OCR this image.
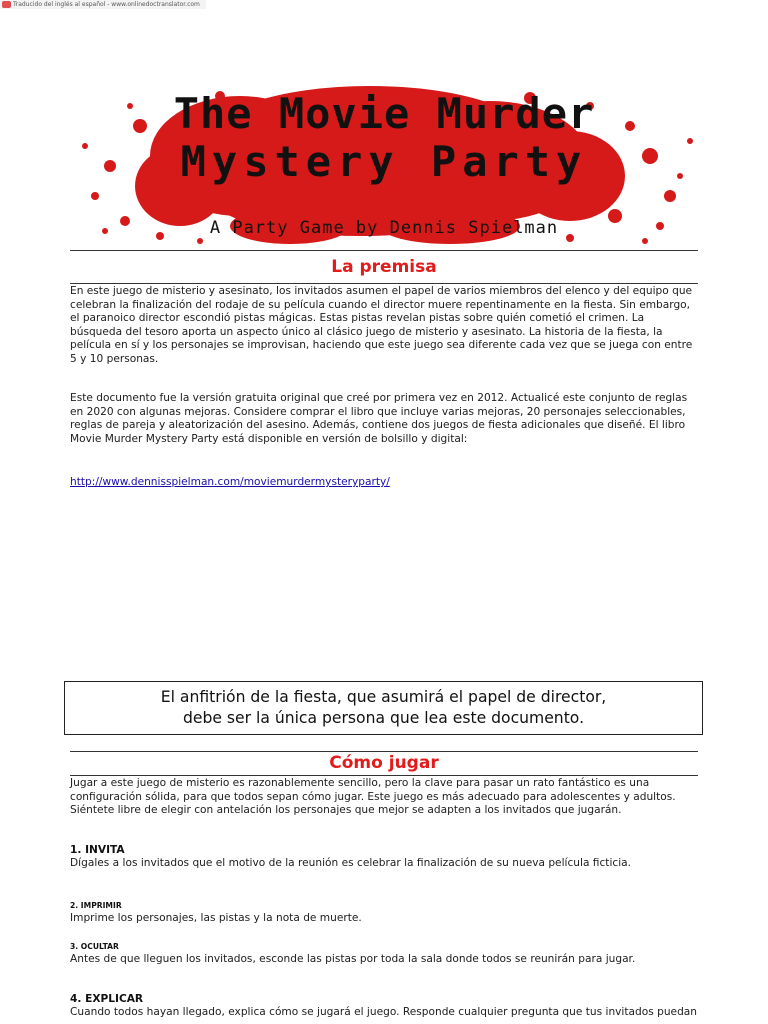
Traducido del inglés al español - www.onlinedoctranslator.com
The Movie Murder
Mystery Party
A Party Game by Dennis Spielman
La premisa
En este juego de misterio y asesinato, los invitados asumen el papel de varios miembros del elenco y del equipo que celebran la finalización del rodaje de su película cuando el director muere repentinamente en la fiesta. Sin embargo, el paranoico director escondió pistas mágicas. Estas pistas revelan pistas sobre quién cometió el crimen. La búsqueda del tesoro aporta un aspecto único al clásico juego de misterio y asesinato. La historia de la fiesta, la película en sí y los personajes se improvisan, haciendo que este juego sea diferente cada vez que se juega con entre 5 y 10 personas.
Este documento fue la versión gratuita original que creé por primera vez en 2012. Actualicé este conjunto de reglas en 2020 con algunas mejoras. Considere comprar el libro que incluye varias mejoras, 20 personajes seleccionables, reglas de pareja y aleatorización del asesino. Además, contiene dos juegos de fiesta adicionales que diseñé. El libro Movie Murder Mystery Party está disponible en versión de bolsillo y digital:
http://www.dennisspielman.com/moviemurdermysteryparty/
El anfitrión de la fiesta, que asumirá el papel de director,
debe ser la única persona que lea este documento.
Cómo jugar
Jugar a este juego de misterio es razonablemente sencillo, pero la clave para pasar un rato fantástico es una configuración sólida, para que todos sepan cómo jugar. Este juego es más adecuado para adolescentes y adultos. Siéntete libre de elegir con antelación los personajes que mejor se adapten a los invitados que jugarán.
1. INVITA
Dígales a los invitados que el motivo de la reunión es celebrar la finalización de su nueva película ficticia.
2. IMPRIMIR
Imprime los personajes, las pistas y la nota de muerte.
3. OCULTAR
Antes de que lleguen los invitados, esconde las pistas por toda la sala donde todos se reunirán para jugar.
4. EXPLICAR
Cuando todos hayan llegado, explica cómo se jugará el juego. Responde cualquier pregunta que tus invitados puedan
